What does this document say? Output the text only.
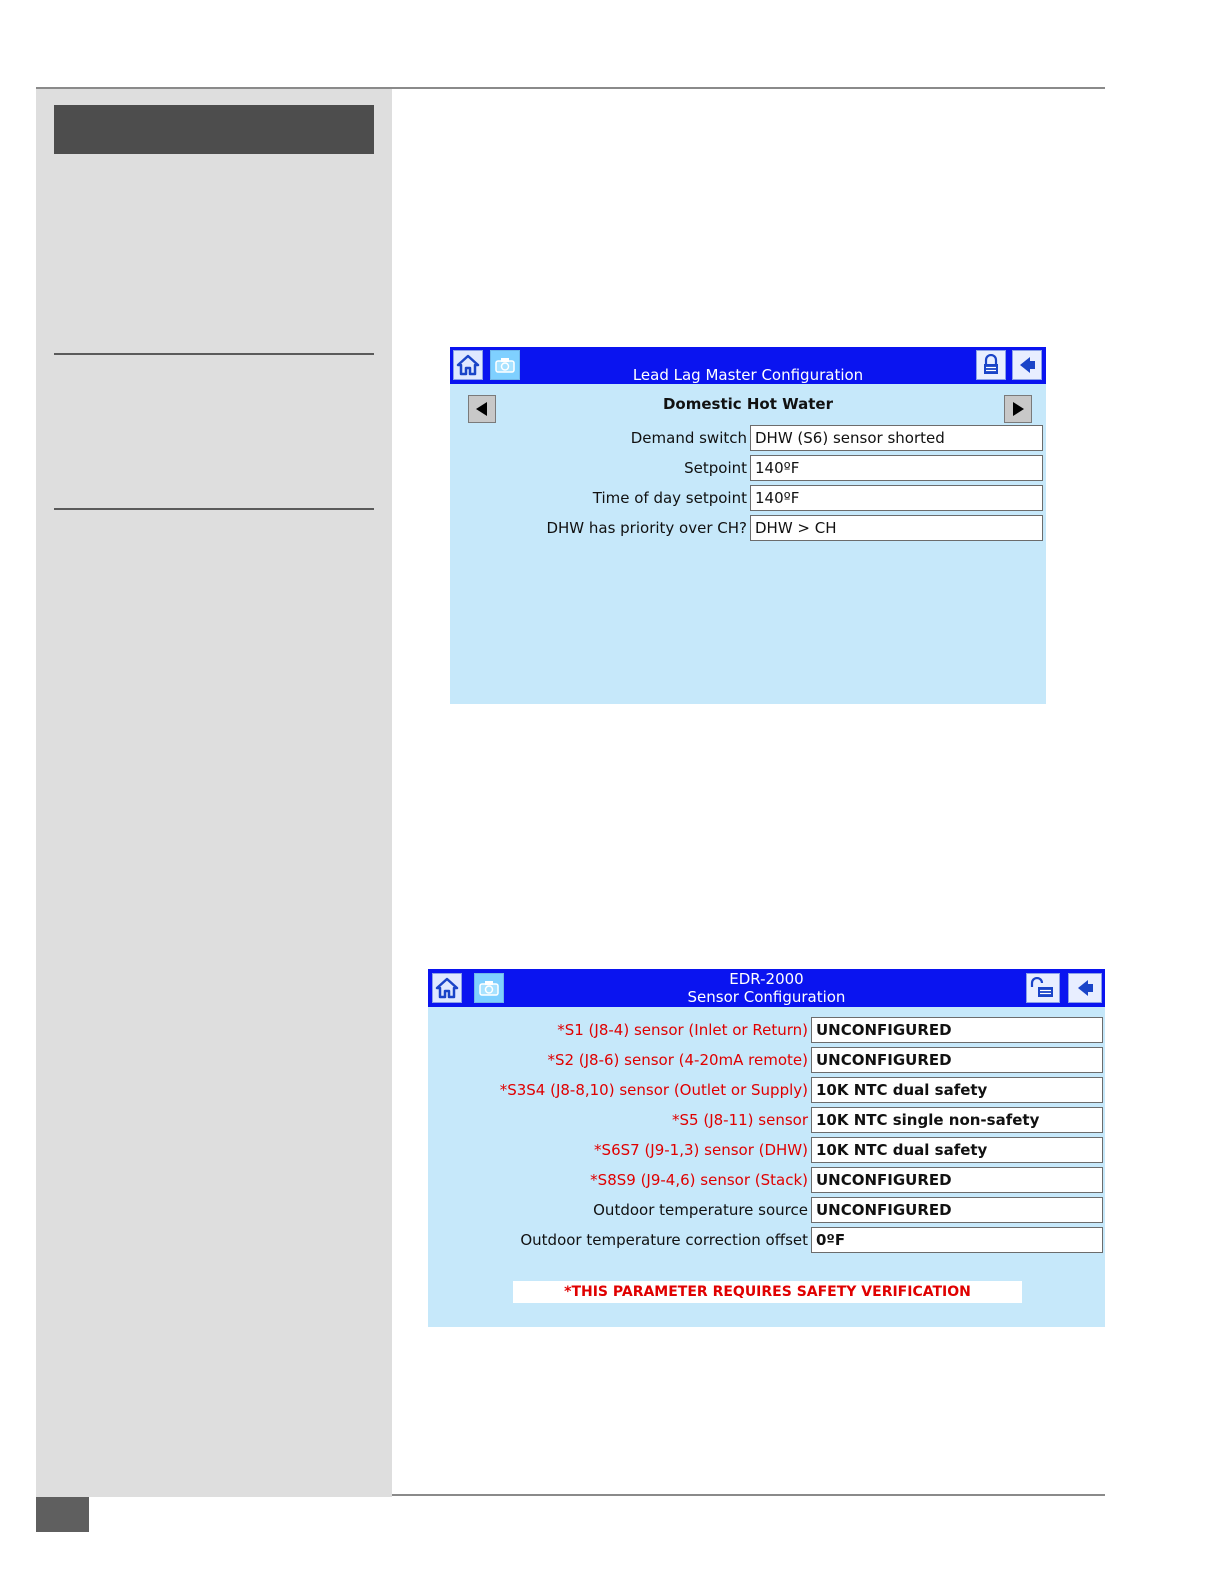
Lead Lag Master Configuration
Domestic Hot Water
Demand switch DHW (S6) sensor shorted
Setpoint 140ºF
Time of day setpoint 140ºF
DHW has priority over CH? DHW > CH
EDR-2000
Sensor Configuration
*S1 (J8-4) sensor (Inlet or Return) UNCONFIGURED
*S2 (J8-6) sensor (4-20mA remote) UNCONFIGURED
*S3S4 (J8-8,10) sensor (Outlet or Supply) 10K NTC dual safety
*S5 (J8-11) sensor 10K NTC single non-safety
*S6S7 (J9-1,3) sensor (DHW) 10K NTC dual safety
*S8S9 (J9-4,6) sensor (Stack) UNCONFIGURED
Outdoor temperature source UNCONFIGURED
Outdoor temperature correction offset 0ºF
*THIS PARAMETER REQUIRES SAFETY VERIFICATION
